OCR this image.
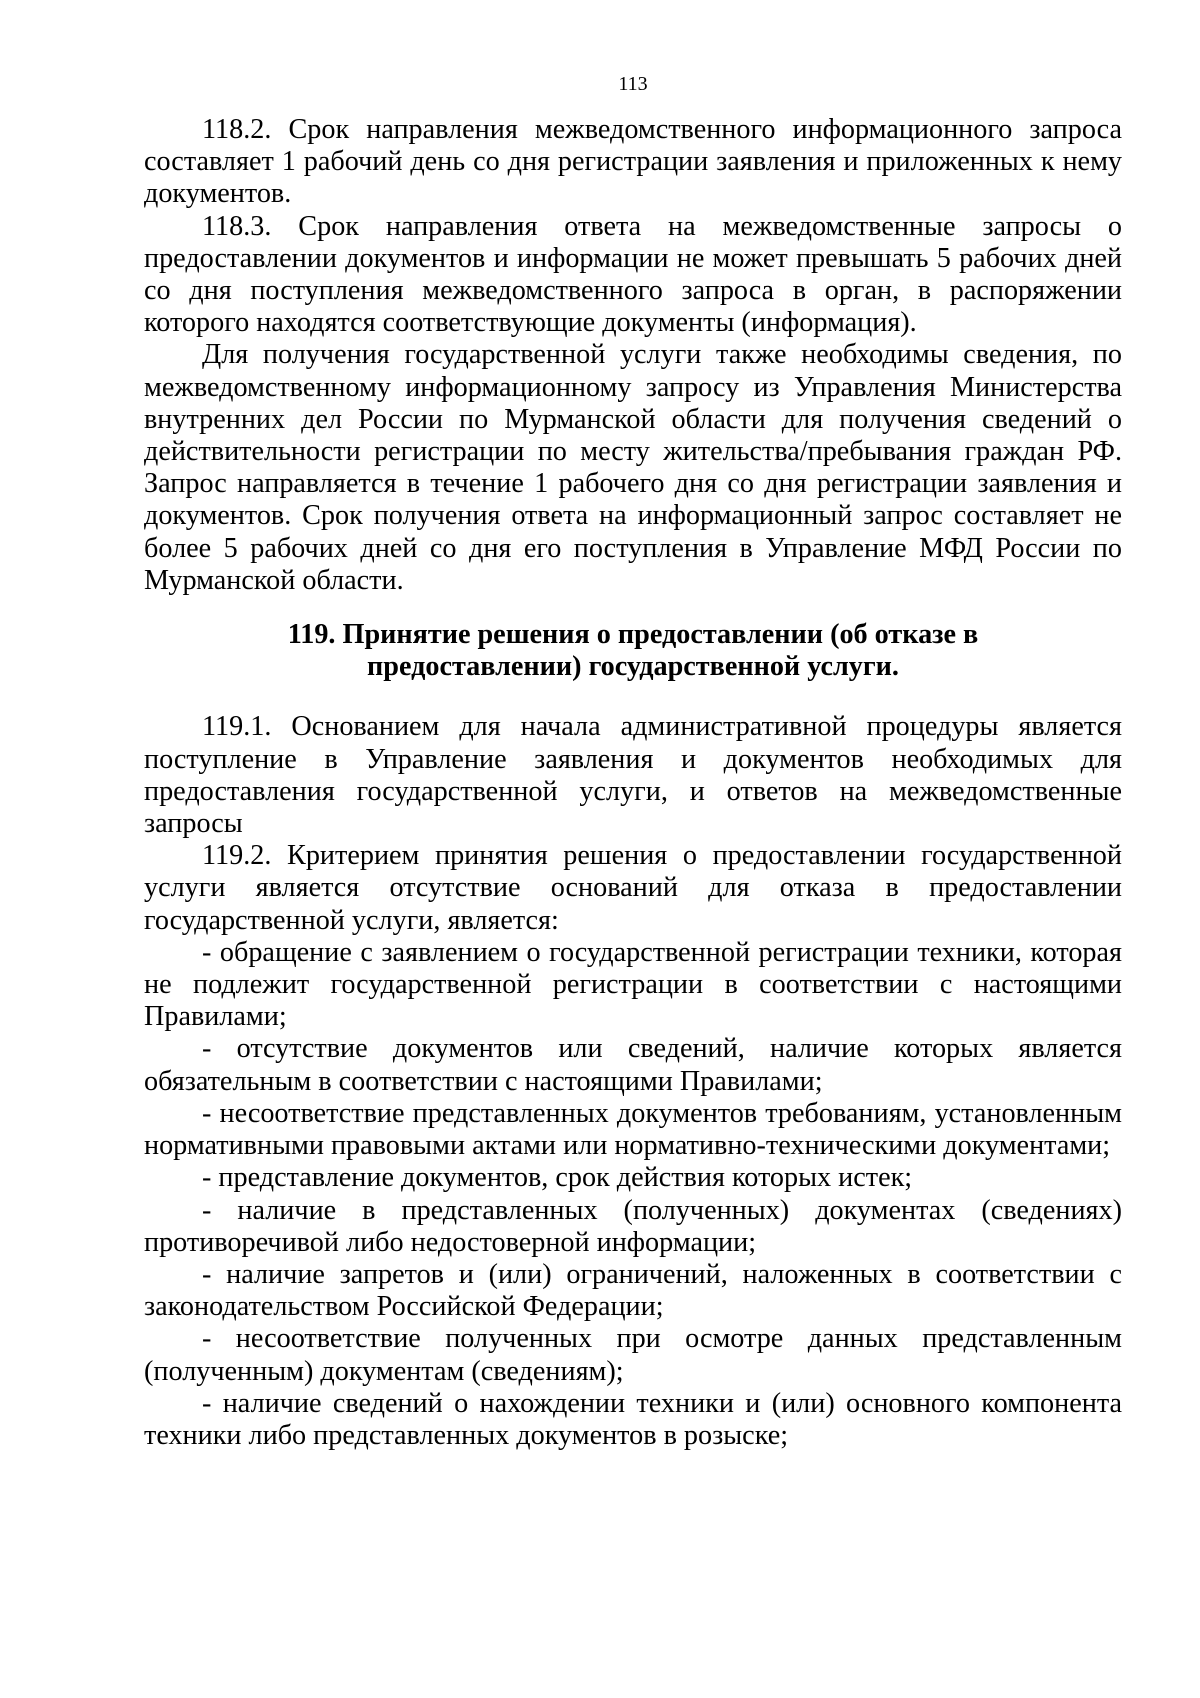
113

118.2. Срок направления межведомственного информационного запроса составляет 1 рабочий день со дня регистрации заявления и приложенных к нему документов.

118.3. Срок направления ответа на межведомственные запросы о предоставлении документов и информации не может превышать 5 рабочих дней со дня поступления межведомственного запроса в орган, в распоряжении которого находятся соответствующие документы (информация).

Для получения государственной услуги также необходимы сведения, по межведомственному информационному запросу из Управления Министерства внутренних дел России по Мурманской области для получения сведений о действительности регистрации по месту жительства/пребывания граждан РФ. Запрос направляется в течение 1 рабочего дня со дня регистрации заявления и документов. Срок получения ответа на информационный запрос составляет не более 5 рабочих дней со дня его поступления в Управление МФД России по Мурманской области.

119. Принятие решения о предоставлении (об отказе в

предоставлении) государственной услуги.

119.1. Основанием для начала административной процедуры является поступление в Управление заявления и документов необходимых для предоставления государственной услуги, и ответов на межведомственные запросы

119.2. Критерием принятия решения о предоставлении государственной услуги является отсутствие оснований для отказа в предоставлении государственной услуги, является:

- обращение с заявлением о государственной регистрации техники, которая не подлежит государственной регистрации в соответствии с настоящими Правилами;

- отсутствие документов или сведений, наличие которых является обязательным в соответствии с настоящими Правилами;

- несоответствие представленных документов требованиям, установленным нормативными правовыми актами или нормативно-техническими документами;

- представление документов, срок действия которых истек;

- наличие в представленных (полученных) документах (сведениях) противоречивой либо недостоверной информации;

- наличие запретов и (или) ограничений, наложенных в соответствии с законодательством Российской Федерации;

- несоответствие полученных при осмотре данных представленным (полученным) документам (сведениям);

- наличие сведений о нахождении техники и (или) основного компонента техники либо представленных документов в розыске;
